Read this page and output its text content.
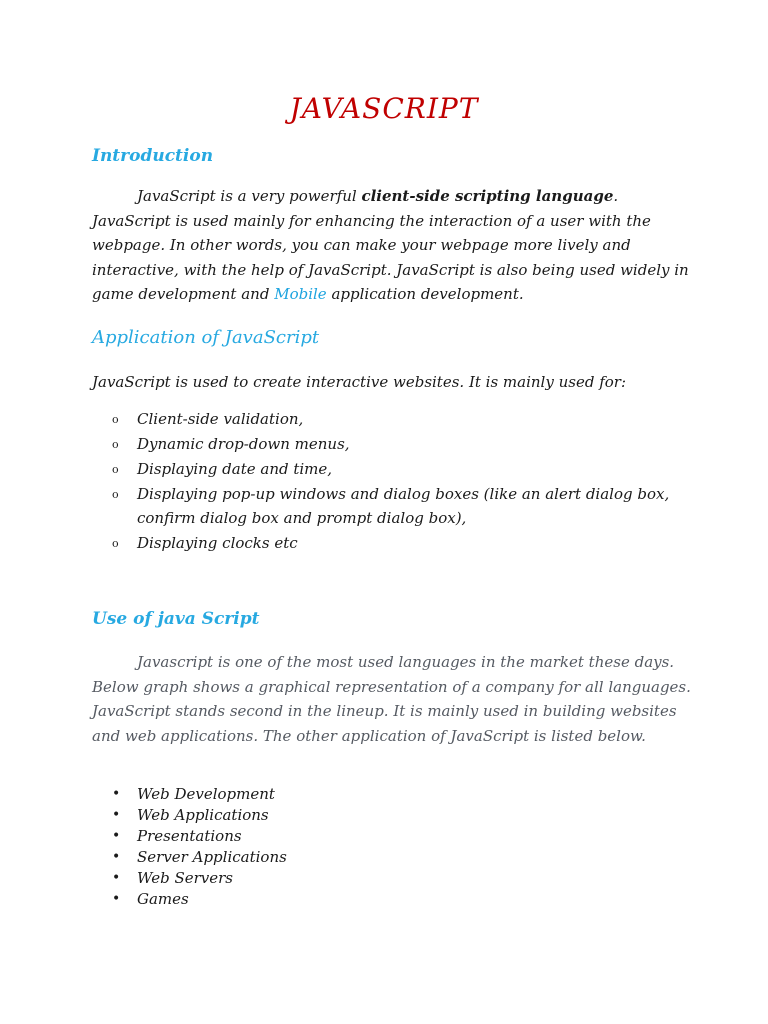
JAVASCRIPT
Introduction

JavaScript is a very powerful client-side scripting language. JavaScript is used mainly for enhancing the interaction of a user with the webpage. In other words, you can make your webpage more lively and interactive, with the help of JavaScript. JavaScript is also being used widely in game development and Mobile application development.

Application of JavaScript

JavaScript is used to create interactive websites. It is mainly used for:

o Client-side validation,
o Dynamic drop-down menus,
o Displaying date and time,
o Displaying pop-up windows and dialog boxes (like an alert dialog box, confirm dialog box and prompt dialog box),
o Displaying clocks etc
Use of java Script

Javascript is one of the most used languages in the market these days. Below graph shows a graphical representation of a company for all languages. JavaScript stands second in the lineup. It is mainly used in building websites and web applications. The other application of JavaScript is listed below.

• Web Development
• Web Applications
• Presentations
• Server Applications
• Web Servers
• Games
